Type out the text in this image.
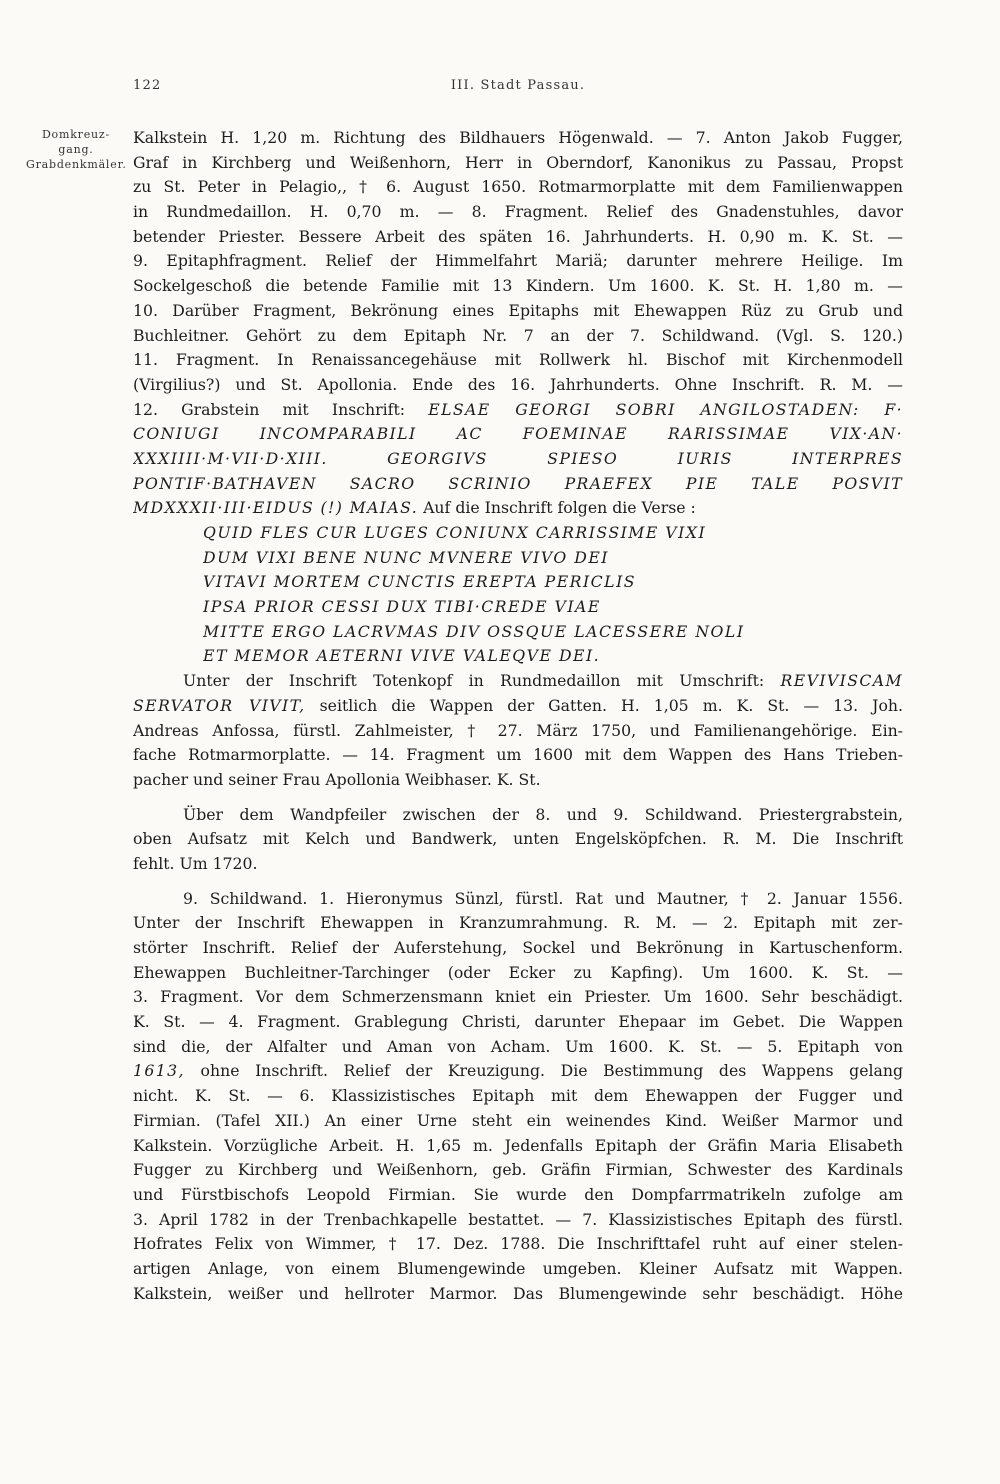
122	III. Stadt Passau.
Domkreuz-
gang.
Grabdenkmäler.
Kalkstein H. 1,20 m. Richtung des Bildhauers Högenwald. — 7. Anton Jakob Fugger,
Graf in Kirchberg und Weißenhorn, Herr in Oberndorf, Kanonikus zu Passau, Propst
zu St. Peter in Pelagio,, † 6. August 1650. Rotmarmorplatte mit dem Familienwappen
in Rundmedaillon. H. 0,70 m. — 8. Fragment. Relief des Gnadenstuhles, davor
betender Priester. Bessere Arbeit des späten 16. Jahrhunderts. H. 0,90 m. K. St. —
9. Epitaphfragment. Relief der Himmelfahrt Mariä; darunter mehrere Heilige. Im
Sockelgeschoß die betende Familie mit 13 Kindern. Um 1600. K. St. H. 1,80 m. —
10. Darüber Fragment, Bekrönung eines Epitaphs mit Ehewappen Rüz zu Grub und
Buchleitner. Gehört zu dem Epitaph Nr. 7 an der 7. Schildwand. (Vgl. S. 120.)
11. Fragment. In Renaissancegehäuse mit Rollwerk hl. Bischof mit Kirchenmodell
(Virgilius?) und St. Apollonia. Ende des 16. Jahrhunderts. Ohne Inschrift. R. M. —
12. Grabstein mit Inschrift: ELSAE GEORGI SOBRI ANGILOSTADEN: F·
CONIUGI INCOMPARABILI AC FOEMINAE RARISSIMAE VIX·AN·
XXXIIII·M·VII·D·XIII. GEORGIVS SPIESO IURIS INTERPRES
PONTIF·BATHAVEN SACRO SCRINIO PRAEFEX PIE TALE POSVIT
MDXXXII·III·EIDUS (!) MAIAS. Auf die Inschrift folgen die Verse :
QUID FLES CUR LUGES CONIUNX CARRISSIME VIXI
DUM VIXI BENE NUNC MVNERE VIVO DEI
VITAVI MORTEM CUNCTIS EREPTA PERICLIS
IPSA PRIOR CESSI DUX TIBI·CREDE VIAE
MITTE ERGO LACRVMAS DIV OSSQUE LACESSERE NOLI
ET MEMOR AETERNI VIVE VALEQVE DEI.
Unter der Inschrift Totenkopf in Rundmedaillon mit Umschrift: REVIVISCAM
SERVATOR VIVIT, seitlich die Wappen der Gatten. H. 1,05 m. K. St. — 13. Joh.
Andreas Anfossa, fürstl. Zahlmeister, † 27. März 1750, und Familienangehörige. Ein-
fache Rotmarmorplatte. — 14. Fragment um 1600 mit dem Wappen des Hans Trieben-
pacher und seiner Frau Apollonia Weibhaser. K. St.
Über dem Wandpfeiler zwischen der 8. und 9. Schildwand. Priestergrabstein,
oben Aufsatz mit Kelch und Bandwerk, unten Engelsköpfchen. R. M. Die Inschrift
fehlt. Um 1720.
9. Schildwand. 1. Hieronymus Sünzl, fürstl. Rat und Mautner, † 2. Januar 1556.
Unter der Inschrift Ehewappen in Kranzumrahmung. R. M. — 2. Epitaph mit zer-
störter Inschrift. Relief der Auferstehung, Sockel und Bekrönung in Kartuschenform.
Ehewappen Buchleitner-Tarchinger (oder Ecker zu Kapfing). Um 1600. K. St. —
3. Fragment. Vor dem Schmerzensmann kniet ein Priester. Um 1600. Sehr beschädigt.
K. St. — 4. Fragment. Grablegung Christi, darunter Ehepaar im Gebet. Die Wappen
sind die, der Alfalter und Aman von Acham. Um 1600. K. St. — 5. Epitaph von
1613, ohne Inschrift. Relief der Kreuzigung. Die Bestimmung des Wappens gelang
nicht. K. St. — 6. Klassizistisches Epitaph mit dem Ehewappen der Fugger und
Firmian. (Tafel XII.) An einer Urne steht ein weinendes Kind. Weißer Marmor und
Kalkstein. Vorzügliche Arbeit. H. 1,65 m. Jedenfalls Epitaph der Gräfin Maria Elisabeth
Fugger zu Kirchberg und Weißenhorn, geb. Gräfin Firmian, Schwester des Kardinals
und Fürstbischofs Leopold Firmian. Sie wurde den Dompfarrmatrikeln zufolge am
3. April 1782 in der Trenbachkapelle bestattet. — 7. Klassizistisches Epitaph des fürstl.
Hofrates Felix von Wimmer, † 17. Dez. 1788. Die Inschrifttafel ruht auf einer stelen-
artigen Anlage, von einem Blumengewinde umgeben. Kleiner Aufsatz mit Wappen.
Kalkstein, weißer und hellroter Marmor. Das Blumengewinde sehr beschädigt. Höhe
